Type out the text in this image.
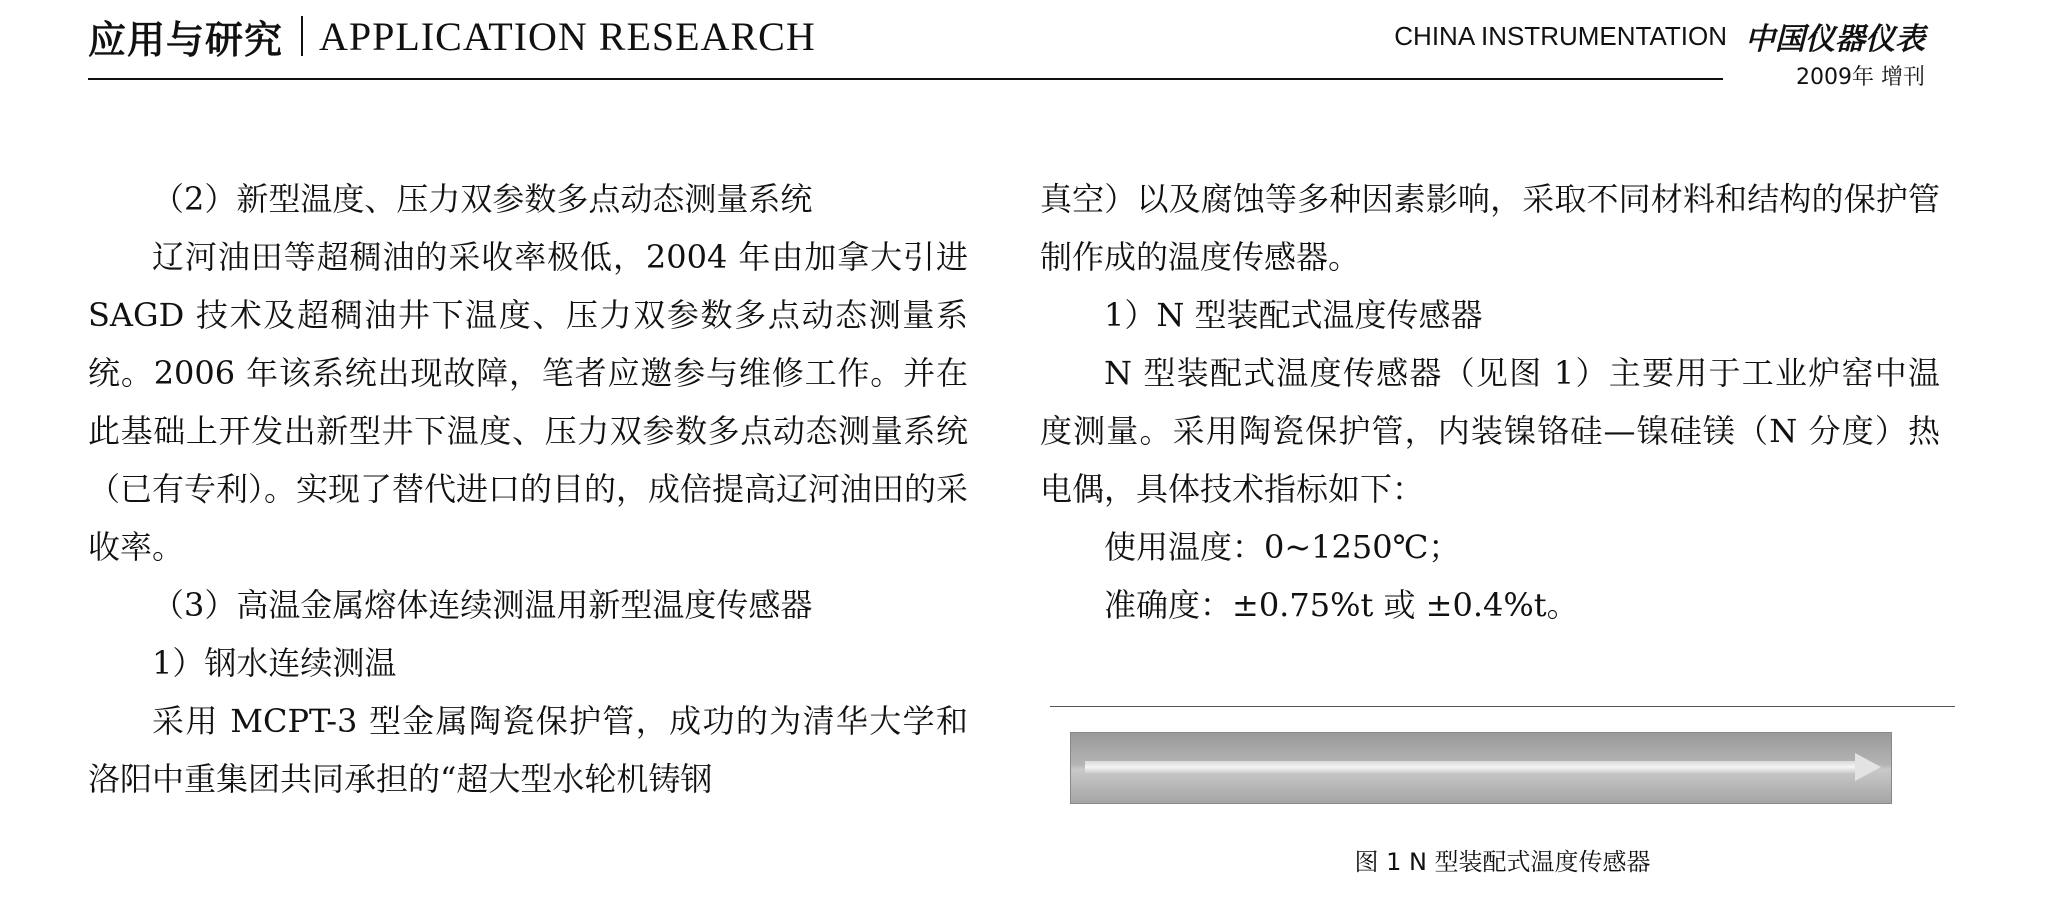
应用与研究 APPLICATION RESEARCH	CHINA INSTRUMENTATION 中国仪器仪表
2009年 增刊

（2）新型温度、压力双参数多点动态测量系统

辽河油田等超稠油的采收率极低，2004 年由加拿大引进 SAGD 技术及超稠油井下温度、压力双参数多点动态测量系统。2006 年该系统出现故障，笔者应邀参与维修工作。并在此基础上开发出新型井下温度、压力双参数多点动态测量系统（已有专利）。实现了替代进口的目的，成倍提高辽河油田的采收率。

（3）高温金属熔体连续测温用新型温度传感器

1）钢水连续测温

采用 MCPT-3 型金属陶瓷保护管，成功的为清华大学和洛阳中重集团共同承担的“超大型水轮机铸钢

真空）以及腐蚀等多种因素影响，采取不同材料和结构的保护管制作成的温度传感器。

1）N 型装配式温度传感器

N 型装配式温度传感器（见图 1）主要用于工业炉窑中温度测量。采用陶瓷保护管，内装镍铬硅—镍硅镁（N 分度）热电偶，具体技术指标如下：

使用温度：0~1250℃；

准确度：±0.75%t 或 ±0.4%t。

图 1 N 型装配式温度传感器
